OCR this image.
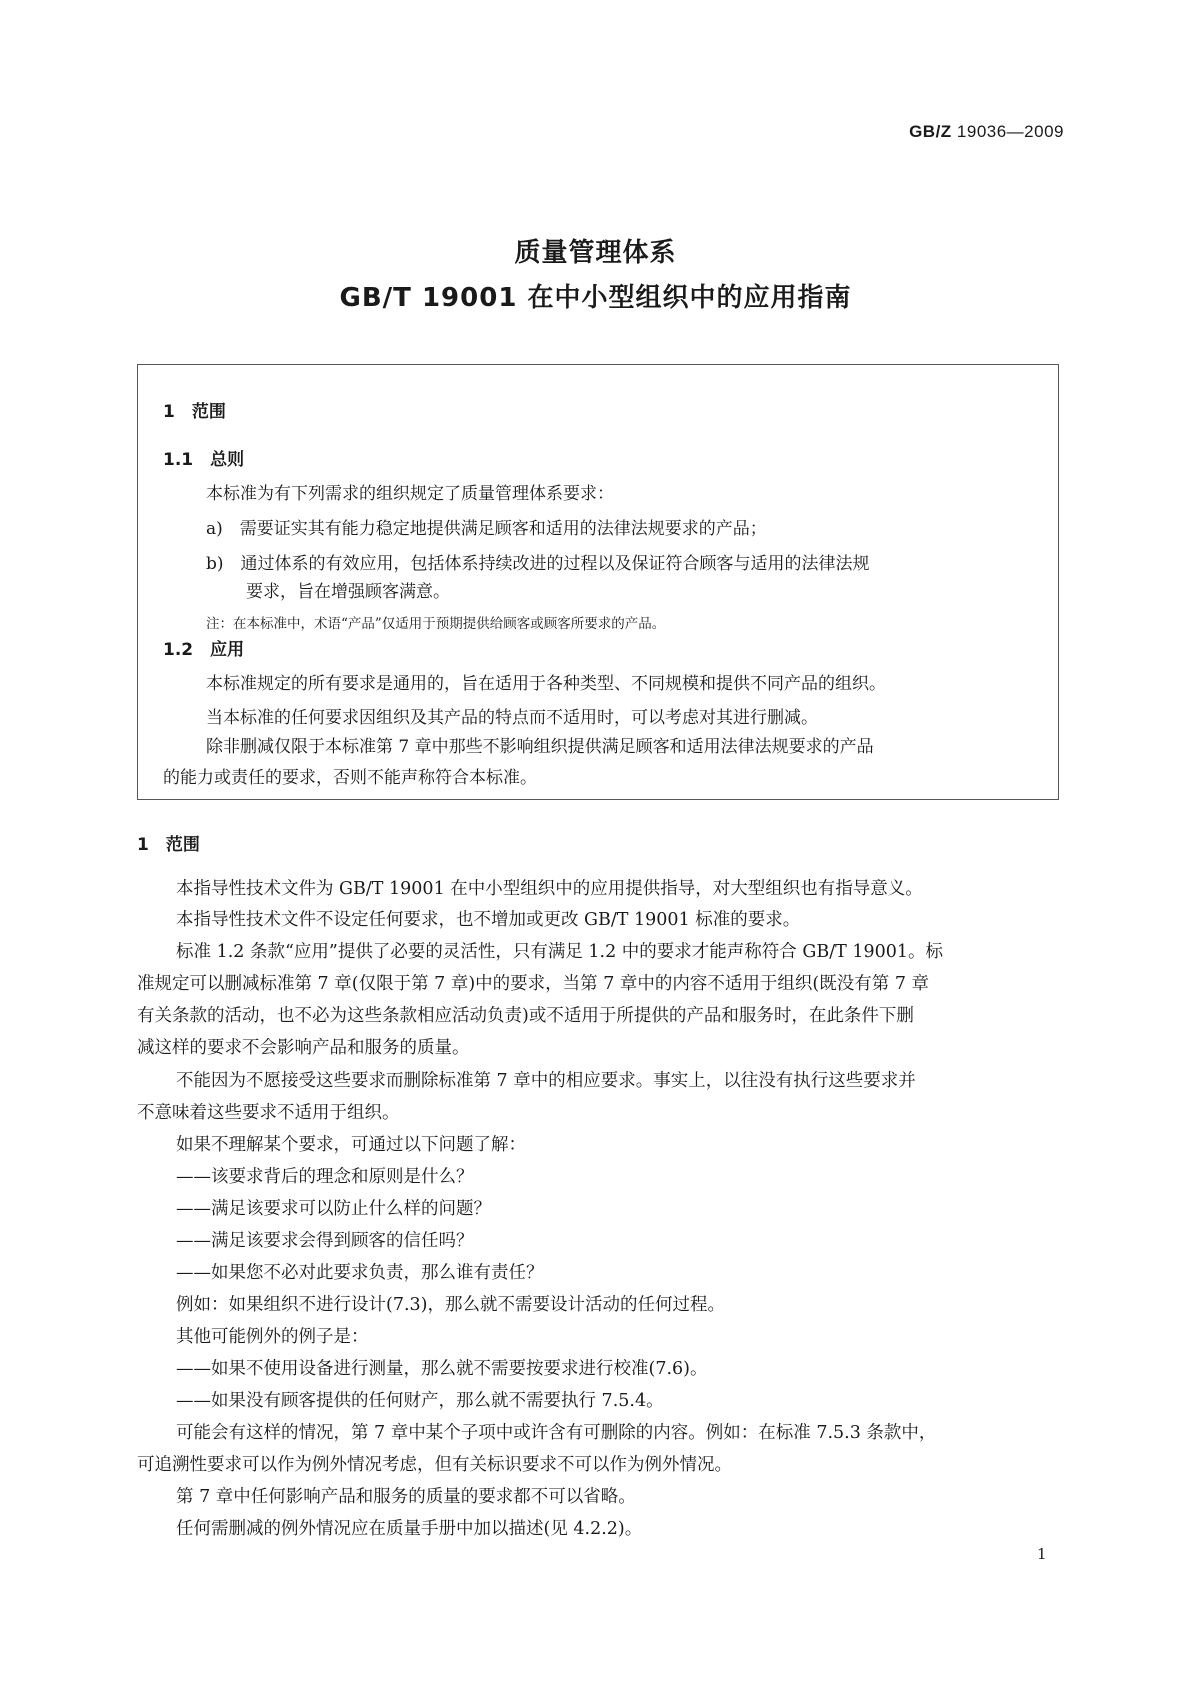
GB/Z 19036—2009
质量管理体系
GB/T 19001 在中小型组织中的应用指南
1　范围
1.1　总则
本标准为有下列需求的组织规定了质量管理体系要求：
a)　需要证实其有能力稳定地提供满足顾客和适用的法律法规要求的产品；
b)　通过体系的有效应用，包括体系持续改进的过程以及保证符合顾客与适用的法律法规
要求，旨在增强顾客满意。
注：在本标准中，术语“产品”仅适用于预期提供给顾客或顾客所要求的产品。
1.2　应用
本标准规定的所有要求是通用的，旨在适用于各种类型、不同规模和提供不同产品的组织。
当本标准的任何要求因组织及其产品的特点而不适用时，可以考虑对其进行删减。
除非删减仅限于本标准第 7 章中那些不影响组织提供满足顾客和适用法律法规要求的产品
的能力或责任的要求，否则不能声称符合本标准。
1　范围
本指导性技术文件为 GB/T 19001 在中小型组织中的应用提供指导，对大型组织也有指导意义。
本指导性技术文件不设定任何要求，也不增加或更改 GB/T 19001 标准的要求。
标准 1.2 条款“应用”提供了必要的灵活性，只有满足 1.2 中的要求才能声称符合 GB/T 19001。标
准规定可以删减标准第 7 章(仅限于第 7 章)中的要求，当第 7 章中的内容不适用于组织(既没有第 7 章
有关条款的活动，也不必为这些条款相应活动负责)或不适用于所提供的产品和服务时，在此条件下删
减这样的要求不会影响产品和服务的质量。
不能因为不愿接受这些要求而删除标准第 7 章中的相应要求。事实上，以往没有执行这些要求并
不意味着这些要求不适用于组织。
如果不理解某个要求，可通过以下问题了解：
——该要求背后的理念和原则是什么？
——满足该要求可以防止什么样的问题？
——满足该要求会得到顾客的信任吗？
——如果您不必对此要求负责，那么谁有责任？
例如：如果组织不进行设计(7.3)，那么就不需要设计活动的任何过程。
其他可能例外的例子是：
——如果不使用设备进行测量，那么就不需要按要求进行校准(7.6)。
——如果没有顾客提供的任何财产，那么就不需要执行 7.5.4。
可能会有这样的情况，第 7 章中某个子项中或许含有可删除的内容。例如：在标准 7.5.3 条款中，
可追溯性要求可以作为例外情况考虑，但有关标识要求不可以作为例外情况。
第 7 章中任何影响产品和服务的质量的要求都不可以省略。
任何需删减的例外情况应在质量手册中加以描述(见 4.2.2)。
1
